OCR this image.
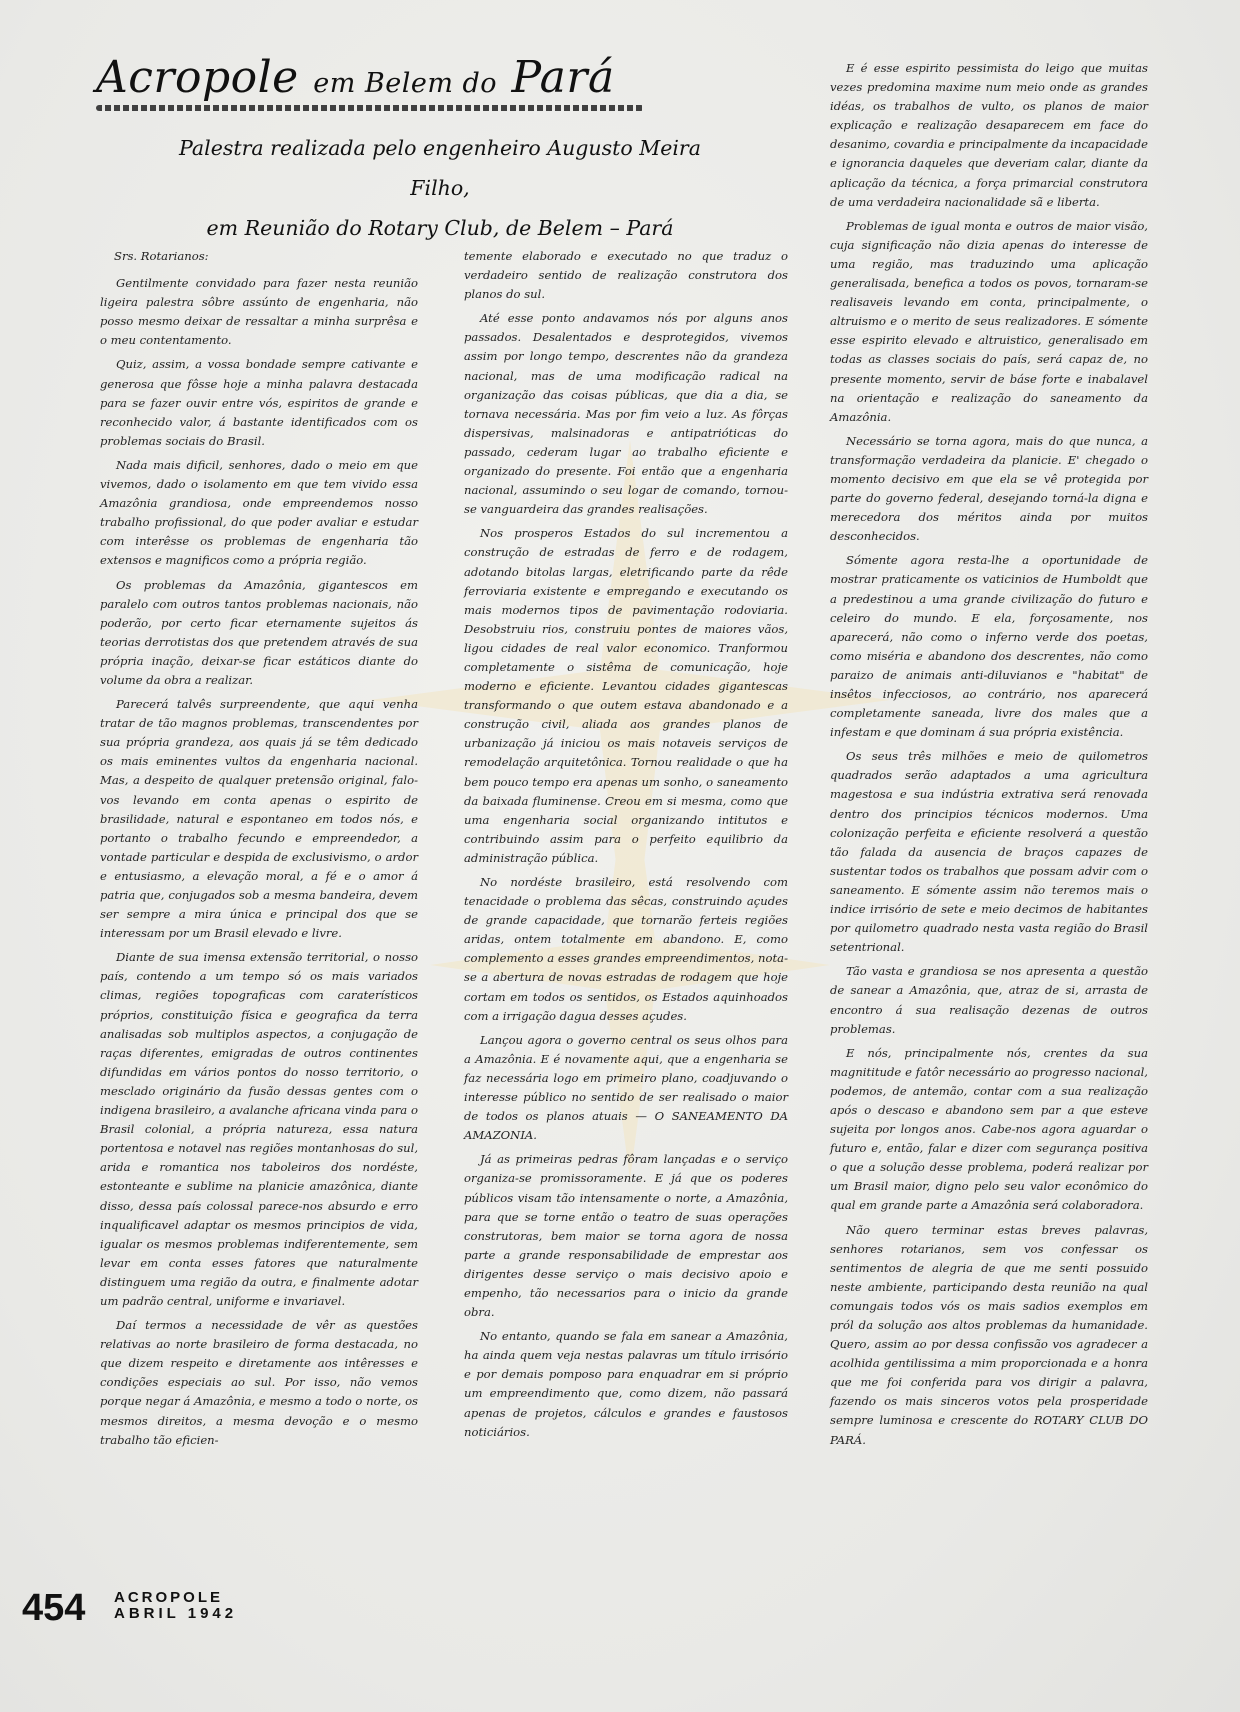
Acropole em Belem do Pará
Palestra realizada pelo engenheiro Augusto Meira Filho,
em Reunião do Rotary Club, de Belem – Pará

Srs. Rotarianos:

Gentilmente convidado para fazer nesta reunião ligeira palestra sôbre assúnto de engenharia, não posso mesmo deixar de ressaltar a minha surprêsa e o meu contentamento.

Quiz, assim, a vossa bondade sempre cativante e generosa que fôsse hoje a minha palavra destacada para se fazer ouvir entre vós, espiritos de grande e reconhecido valor, á bastante identificados com os problemas sociais do Brasil.

Nada mais dificil, senhores, dado o meio em que vivemos, dado o isolamento em que tem vivido essa Amazônia grandiosa, onde empreendemos nosso trabalho profissional, do que poder avaliar e estudar com interêsse os problemas de engenharia tão extensos e magnificos como a própria região.

Os problemas da Amazônia, gigantescos em paralelo com outros tantos problemas nacionais, não poderão, por certo ficar eternamente sujeitos ás teorias derrotistas dos que pretendem através de sua própria inação, deixar-se ficar estáticos diante do volume da obra a realizar.

Parecerá talvês surpreendente, que aqui venha tratar de tão magnos problemas, transcendentes por sua própria grandeza, aos quais já se têm dedicado os mais eminentes vultos da engenharia nacional. Mas, a despeito de qualquer pretensão original, falo-vos levando em conta apenas o espirito de brasilidade, natural e espontaneo em todos nós, e portanto o trabalho fecundo e empreendedor, a vontade particular e despida de exclusivismo, o ardor e entusiasmo, a elevação moral, a fé e o amor á patria que, conjugados sob a mesma bandeira, devem ser sempre a mira única e principal dos que se interessam por um Brasil elevado e livre.

Diante de sua imensa extensão territorial, o nosso país, contendo a um tempo só os mais variados climas, regiões topograficas com caraterísticos próprios, constituição física e geografica da terra analisadas sob multiplos aspectos, a conjugação de raças diferentes, emigradas de outros continentes difundidas em vários pontos do nosso territorio, o mesclado originário da fusão dessas gentes com o indigena brasileiro, a avalanche africana vinda para o Brasil colonial, a própria natureza, essa natura portentosa e notavel nas regiões montanhosas do sul, arida e romantica nos taboleiros dos nordéste, estonteante e sublime na planicie amazônica, diante disso, dessa país colossal parece-nos absurdo e erro inqualificavel adaptar os mesmos principios de vida, igualar os mesmos problemas indiferentemente, sem levar em conta esses fatores que naturalmente distinguem uma região da outra, e finalmente adotar um padrão central, uniforme e invariavel.

Daí termos a necessidade de vêr as questões relativas ao norte brasileiro de forma destacada, no que dizem respeito e diretamente aos intêresses e condições especiais ao sul. Por isso, não vemos porque negar á Amazônia, e mesmo a todo o norte, os mesmos direitos, a mesma devoção e o mesmo trabalho tão eficien-

temente elaborado e executado no que traduz o verdadeiro sentido de realização construtora dos planos do sul.

Até esse ponto andavamos nós por alguns anos passados. Desalentados e desprotegidos, vivemos assim por longo tempo, descrentes não da grandeza nacional, mas de uma modificação radical na organização das coisas públicas, que dia a dia, se tornava necessária. Mas por fim veio a luz. As fôrças dispersivas, malsinadoras e antipatrióticas do passado, cederam lugar ao trabalho eficiente e organizado do presente. Foi então que a engenharia nacional, assumindo o seu logar de comando, tornou-se vanguardeira das grandes realisações.

Nos prosperos Estados do sul incrementou a construção de estradas de ferro e de rodagem, adotando bitolas largas, eletrificando parte da rêde ferroviaria existente e empregando e executando os mais modernos tipos de pavimentação rodoviaria. Desobstruiu rios, construiu pontes de maiores vãos, ligou cidades de real valor economico. Tranformou completamente o sistêma de comunicação, hoje moderno e eficiente. Levantou cidades gigantescas transformando o que outem estava abandonado e a construção civil, aliada aos grandes planos de urbanização já iniciou os mais notaveis serviços de remodelação arquitetônica. Tornou realidade o que ha bem pouco tempo era apenas um sonho, o saneamento da baixada fluminense. Creou em si mesma, como que uma engenharia social organizando intitutos e contribuindo assim para o perfeito equilibrio da administração pública.

No nordéste brasileiro, está resolvendo com tenacidade o problema das sêcas, construindo açudes de grande capacidade, que tornarão ferteis regiões aridas, ontem totalmente em abandono. E, como complemento a esses grandes empreendimentos, nota-se a abertura de novas estradas de rodagem que hoje cortam em todos os sentidos, os Estados aquinhoados com a irrigação dagua desses açudes.

Lançou agora o governo central os seus olhos para a Amazônia. E é novamente aqui, que a engenharia se faz necessária logo em primeiro plano, coadjuvando o interesse público no sentido de ser realisado o maior de todos os planos atuais — O SANEAMENTO DA AMAZONIA.

Já as primeiras pedras fôram lançadas e o serviço organiza-se promissoramente. E já que os poderes públicos visam tão intensamente o norte, a Amazônia, para que se torne então o teatro de suas operações construtoras, bem maior se torna agora de nossa parte a grande responsabilidade de emprestar aos dirigentes desse serviço o mais decisivo apoio e empenho, tão necessarios para o inicio da grande obra.

No entanto, quando se fala em sanear a Amazônia, ha ainda quem veja nestas palavras um título irrisório e por demais pomposo para enquadrar em si próprio um empreendimento que, como dizem, não passará apenas de projetos, cálculos e grandes e faustosos noticiários.

E é esse espirito pessimista do leigo que muitas vezes predomina maxime num meio onde as grandes idéas, os trabalhos de vulto, os planos de maior explicação e realização desaparecem em face do desanimo, covardia e principalmente da incapacidade e ignorancia daqueles que deveriam calar, diante da aplicação da técnica, a força primarcial construtora de uma verdadeira nacionalidade sã e liberta.

Problemas de igual monta e outros de maior visão, cuja significação não dizia apenas do interesse de uma região, mas traduzindo uma aplicação generalisada, benefica a todos os povos, tornaram-se realisaveis levando em conta, principalmente, o altruismo e o merito de seus realizadores. E sómente esse espirito elevado e altruistico, generalisado em todas as classes sociais do país, será capaz de, no presente momento, servir de báse forte e inabalavel na orientação e realização do saneamento da Amazônia.

Necessário se torna agora, mais do que nunca, a transformação verdadeira da planicie. E' chegado o momento decisivo em que ela se vê protegida por parte do governo federal, desejando torná-la digna e merecedora dos méritos ainda por muitos desconhecidos.

Sómente agora resta-lhe a oportunidade de mostrar praticamente os vaticinios de Humboldt que a predestinou a uma grande civilização do futuro e celeiro do mundo. E ela, forçosamente, nos aparecerá, não como o inferno verde dos poetas, como miséria e abandono dos descrentes, não como paraizo de animais anti-diluvianos e "habitat" de insêtos infecciosos, ao contrário, nos aparecerá completamente saneada, livre dos males que a infestam e que dominam á sua própria existência.

Os seus três milhões e meio de quilometros quadrados serão adaptados a uma agricultura magestosa e sua indústria extrativa será renovada dentro dos principios técnicos modernos. Uma colonização perfeita e eficiente resolverá a questão tão falada da ausencia de braços capazes de sustentar todos os trabalhos que possam advir com o saneamento. E sómente assim não teremos mais o indice irrisório de sete e meio decimos de habitantes por quilometro quadrado nesta vasta região do Brasil setentrional.

Tão vasta e grandiosa se nos apresenta a questão de sanear a Amazônia, que, atraz de si, arrasta de encontro á sua realisação dezenas de outros problemas.

E nós, principalmente nós, crentes da sua magnititude e fatôr necessário ao progresso nacional, podemos, de antemão, contar com a sua realização após o descaso e abandono sem par a que esteve sujeita por longos anos. Cabe-nos agora aguardar o futuro e, então, falar e dizer com segurança positiva o que a solução desse problema, poderá realizar por um Brasil maior, digno pelo seu valor econômico do qual em grande parte a Amazônia será colaboradora.

Não quero terminar estas breves palavras, senhores rotarianos, sem vos confessar os sentimentos de alegria de que me senti possuido neste ambiente, participando desta reunião na qual comungais todos vós os mais sadios exemplos em pról da solução aos altos problemas da humanidade. Quero, assim ao por dessa confissão vos agradecer a acolhida gentilissima a mim proporcionada e a honra que me foi conferida para vos dirigir a palavra, fazendo os mais sinceros votos pela prosperidade sempre luminosa e crescente do ROTARY CLUB DO PARÁ.

454 ACROPOLE
ABRIL 1942
